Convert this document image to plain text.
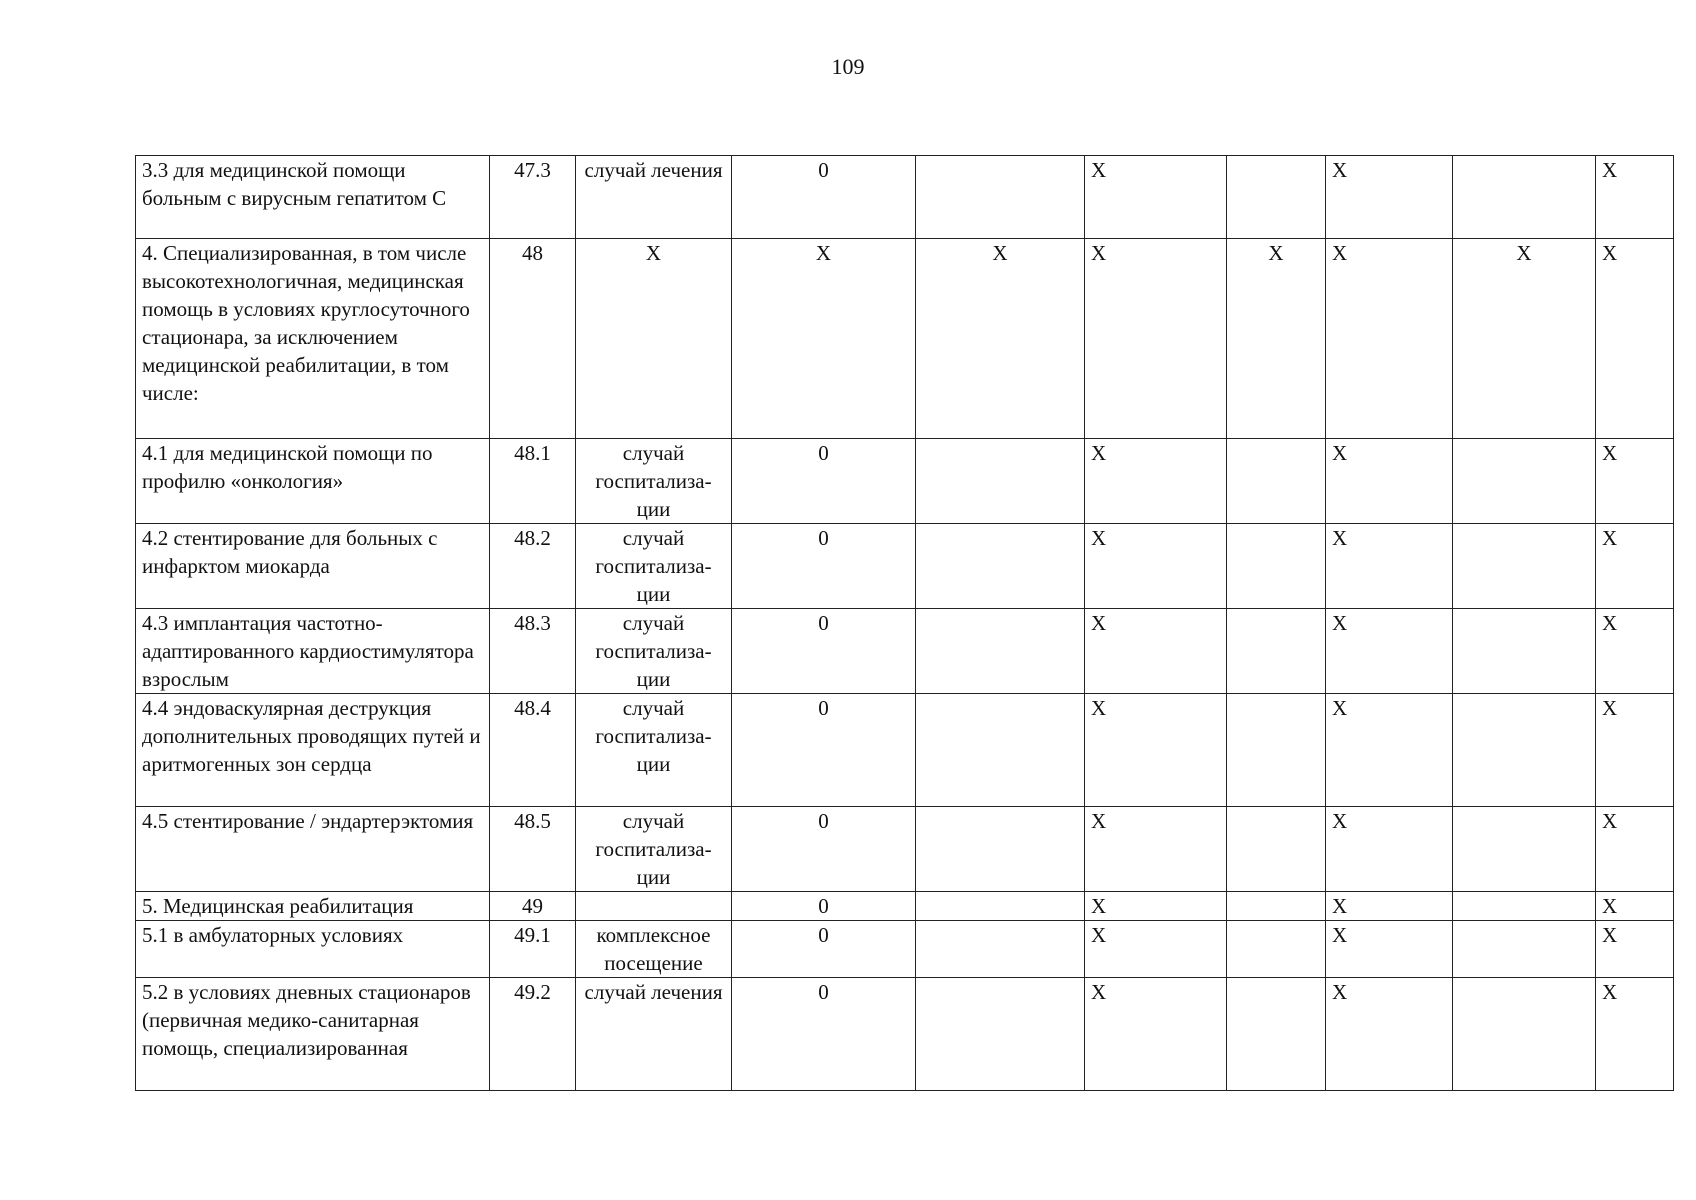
109
3.3 для медицинской помощи больным с вирусным гепатитом С	47.3	случай лечения	0		X		X		X
4. Специализированная, в том числе высокотехнологичная, медицинская помощь в условиях круглосуточного стационара, за исключением медицинской реабилитации, в том числе:	48	X	X	X	X	X	X	X	X
4.1 для медицинской помощи по профилю «онкология»	48.1	случай госпитализа-ции	0		X		X		X
4.2 стентирование для больных с инфарктом миокарда	48.2	случай госпитализа-ции	0		X		X		X
4.3 имплантация частотно-адаптированного кардиостимулятора взрослым	48.3	случай госпитализа-ции	0		X		X		X
4.4 эндоваскулярная деструкция дополнительных проводящих путей и аритмогенных зон сердца	48.4	случай госпитализа-ции	0		X		X		X
4.5 стентирование / эндартерэктомия	48.5	случай госпитализа-ции	0		X		X		X
5. Медицинская реабилитация	49		0		X		X		X
5.1 в амбулаторных условиях	49.1	комплексное посещение	0		X		X		X
5.2 в условиях дневных стационаров (первичная медико-санитарная помощь, специализированная	49.2	случай лечения	0		X		X		X
